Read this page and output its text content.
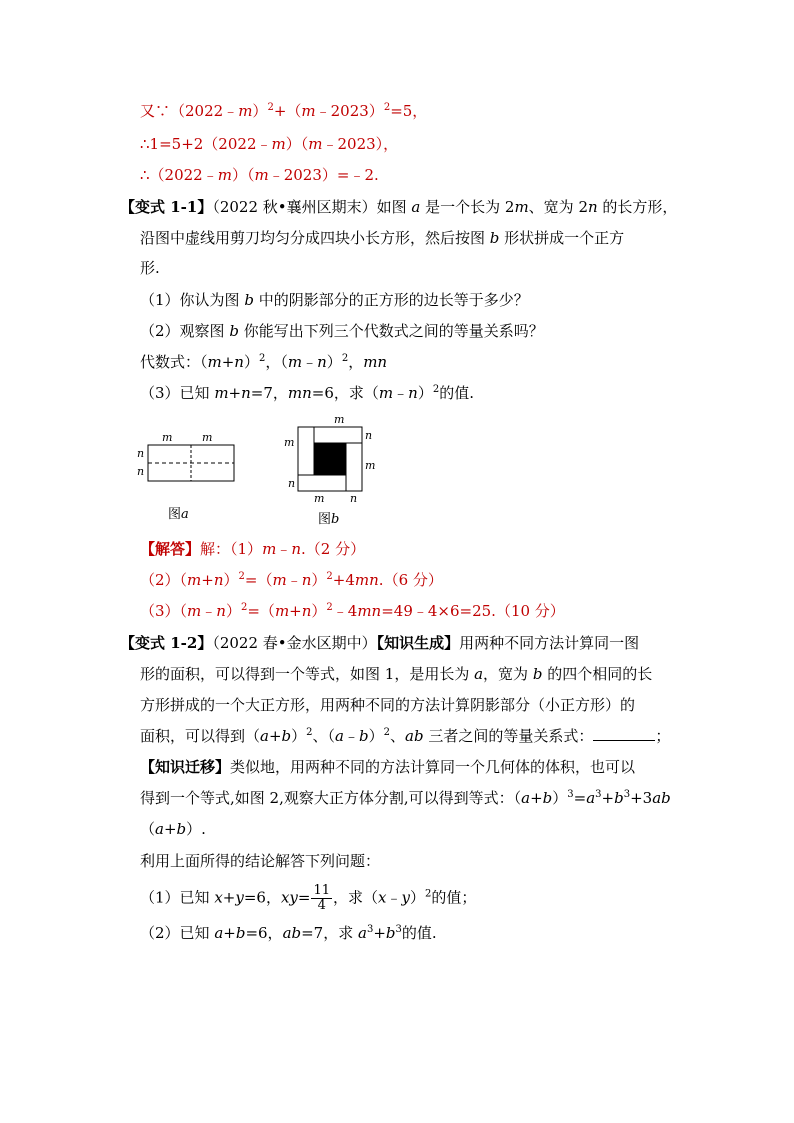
又∵（2022﹣m）$^2$+（m﹣2023）$^2$=5，
∴1=5+2（2022﹣m）（m﹣2023），
∴（2022﹣m）（m﹣2023）=﹣2.
【变式 1-1】（2022 秋•襄州区期末）如图 a 是一个长为 2m、宽为 2n 的长方形，
沿图中虚线用剪刀均匀分成四块小长方形，然后按图 b 形状拼成一个正方
形.
（1）你认为图 b 中的阴影部分的正方形的边长等于多少？
（2）观察图 b 你能写出下列三个代数式之间的等量关系吗？
代数式：$(m+n)^2$，（m﹣n）$^2$，mn
（3）已知 m+n=7，mn=6，求（m﹣n）$^2$的值.
m	m
n
n
图a
m
n
m
m
n
m n
图b
【解答】解：（1）m﹣n.（2 分）
$(2)(m+n)^2=(m﹣n)^2+4mn.(6$ 分）
$(3)(m﹣n)^2=(m+n)^2﹣4mn=49﹣4\times 6=25.(10$ 分）
【变式 1-2】（2022 春•金水区期中）【知识生成】用两种不同方法计算同一图
形的面积，可以得到一个等式，如图 1，是用长为 a，宽为 b 的四个相同的长
方形拼成的一个大正方形，用两种不同的方法计算阴影部分（小正方形）的
面积，可以得到$(a+b)^2$、（a﹣b）$^2$、ab 三者之间的等量关系式：	；
【知识迁移】类似地，用两种不同的方法计算同一个几何体的体积，也可以
得到一个等式,如图 2,观察大正方体分割,可以得到等式：$(a+b)^3=a^3+b^3+3ab$
（a+b）.
利用上面所得的结论解答下列问题：
（1）已知 x+y=6，$xy= \frac{11}{4}$ ，求（x﹣y）$^2$的值；
（2）已知 a+b=6，ab=7，求 $a^3+b^3$的值.
